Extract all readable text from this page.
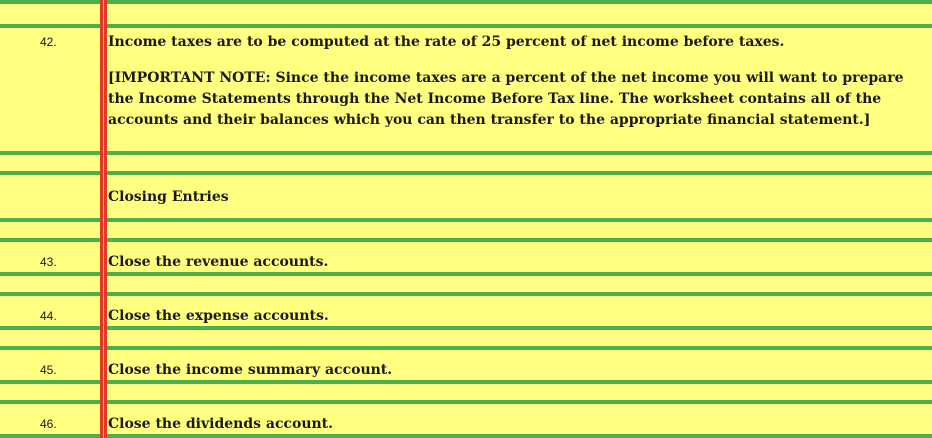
42.	Income taxes are to be computed at the rate of 25 percent of net income before taxes.
[IMPORTANT NOTE: Since the income taxes are a percent of the net income you will want to prepare the Income Statements through the Net Income Before Tax line. The worksheet contains all of the accounts and their balances which you can then transfer to the appropriate financial statement.]
Closing Entries
43.	Close the revenue accounts.
44.	Close the expense accounts.
45.	Close the income summary account.
46.	Close the dividends account.
